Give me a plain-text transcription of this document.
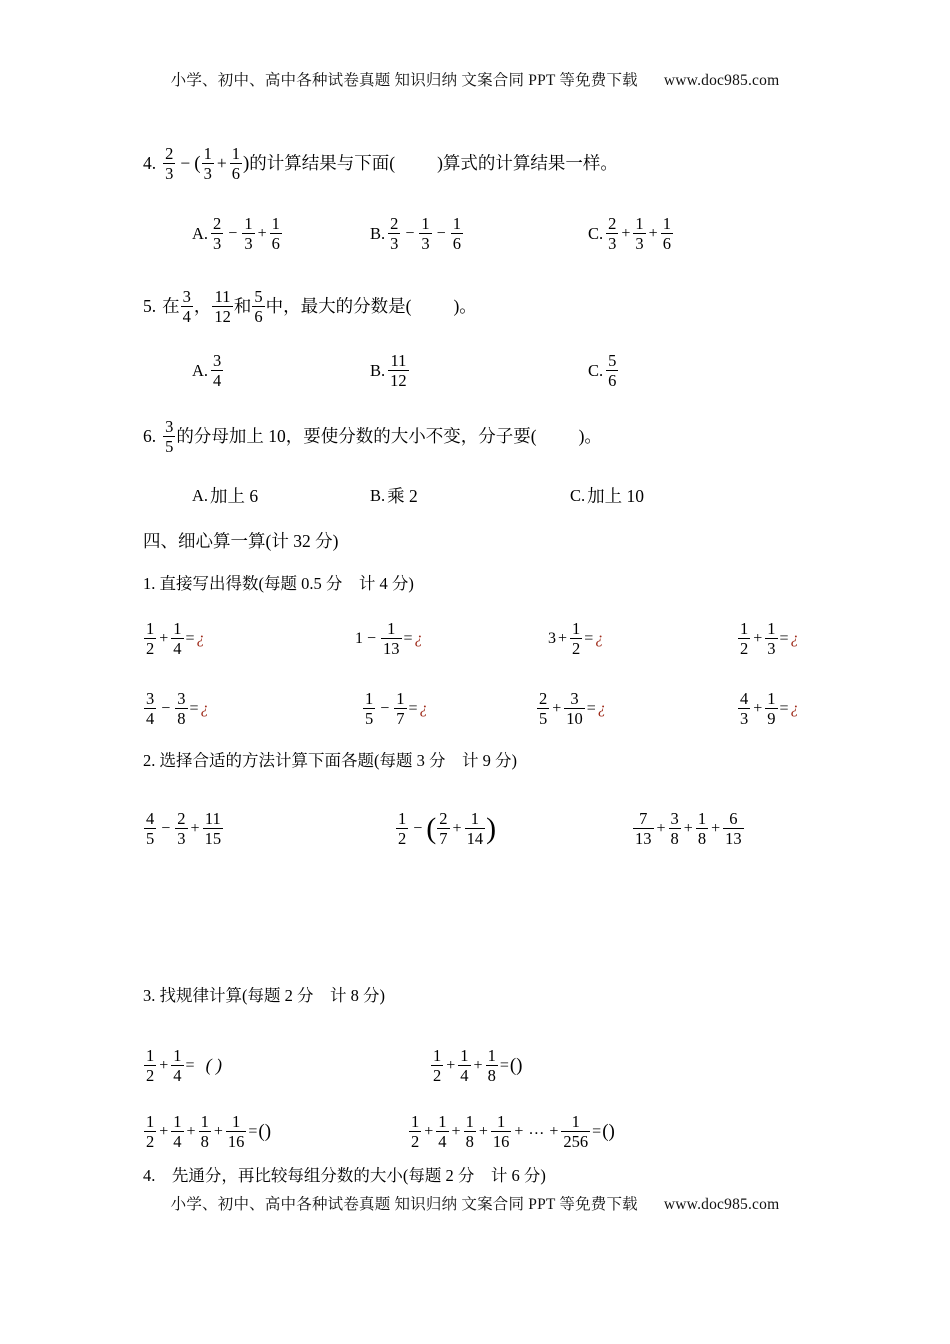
小学、初中、高中各种试卷真题 知识归纳 文案合同 PPT 等免费下载 www.doc985.com
4. $\frac{2}{3}$ − ( $\frac{1}{3} + \frac{1}{6}$ ) 的计算结果与下面( )算式的计算结果一样。
A. $\frac{2}{3} - \frac{1}{3} + \frac{1}{6}$	B. $\frac{2}{3} - \frac{1}{3} - \frac{1}{6}$	C. $\frac{2}{3} + \frac{1}{3} + \frac{1}{6}$
5. 在 $\frac{3}{4}$ ， $\frac{11}{12}$ 和 $\frac{5}{6}$ 中，最大的分数是( )。
A. $\frac{3}{4}$	B. $\frac{11}{12}$	C. $\frac{5}{6}$
6. $\frac{3}{5}$ 的分母加上 10，要使分数的大小不变，分子要( )。
A. 加上 6	B. 乘 2	C. 加上 10
四、细心算一算(计 32 分)
1. 直接写出得数(每题 0.5 分　计 4 分)
$\frac{1}{2} + \frac{1}{4}$ = ¿	$1 - \frac{1}{13}$ = ¿	$3 + \frac{1}{2}$ = ¿	$\frac{1}{2} + \frac{1}{3}$ = ¿
$\frac{3}{4} - \frac{3}{8}$ = ¿	$\frac{1}{5} - \frac{1}{7}$ = ¿	$\frac{2}{5} + \frac{3}{10}$ = ¿	$\frac{4}{3} + \frac{1}{9}$ = ¿
2. 选择合适的方法计算下面各题(每题 3 分　计 9 分)
$\frac{4}{5} - \frac{2}{3} + \frac{11}{15}$	$\frac{1}{2}$ − ( $\frac{2}{7} + \frac{1}{14}$ )	$\frac{7}{13} + \frac{3}{8} + \frac{1}{8} + \frac{6}{13}$
3. 找规律计算(每题 2 分　计 8 分)
$\frac{1}{2} + \frac{1}{4}$ = ( )	$\frac{1}{2} + \frac{1}{4} + \frac{1}{8}$ = ()
$\frac{1}{2} + \frac{1}{4} + \frac{1}{8} + \frac{1}{16}$ = ()	$\frac{1}{2} + \frac{1}{4} + \frac{1}{8} + \frac{1}{16}$ + … + $\frac{1}{256}$ = ()
4.　先通分，再比较每组分数的大小(每题 2 分　计 6 分)
小学、初中、高中各种试卷真题 知识归纳 文案合同 PPT 等免费下载 www.doc985.com
